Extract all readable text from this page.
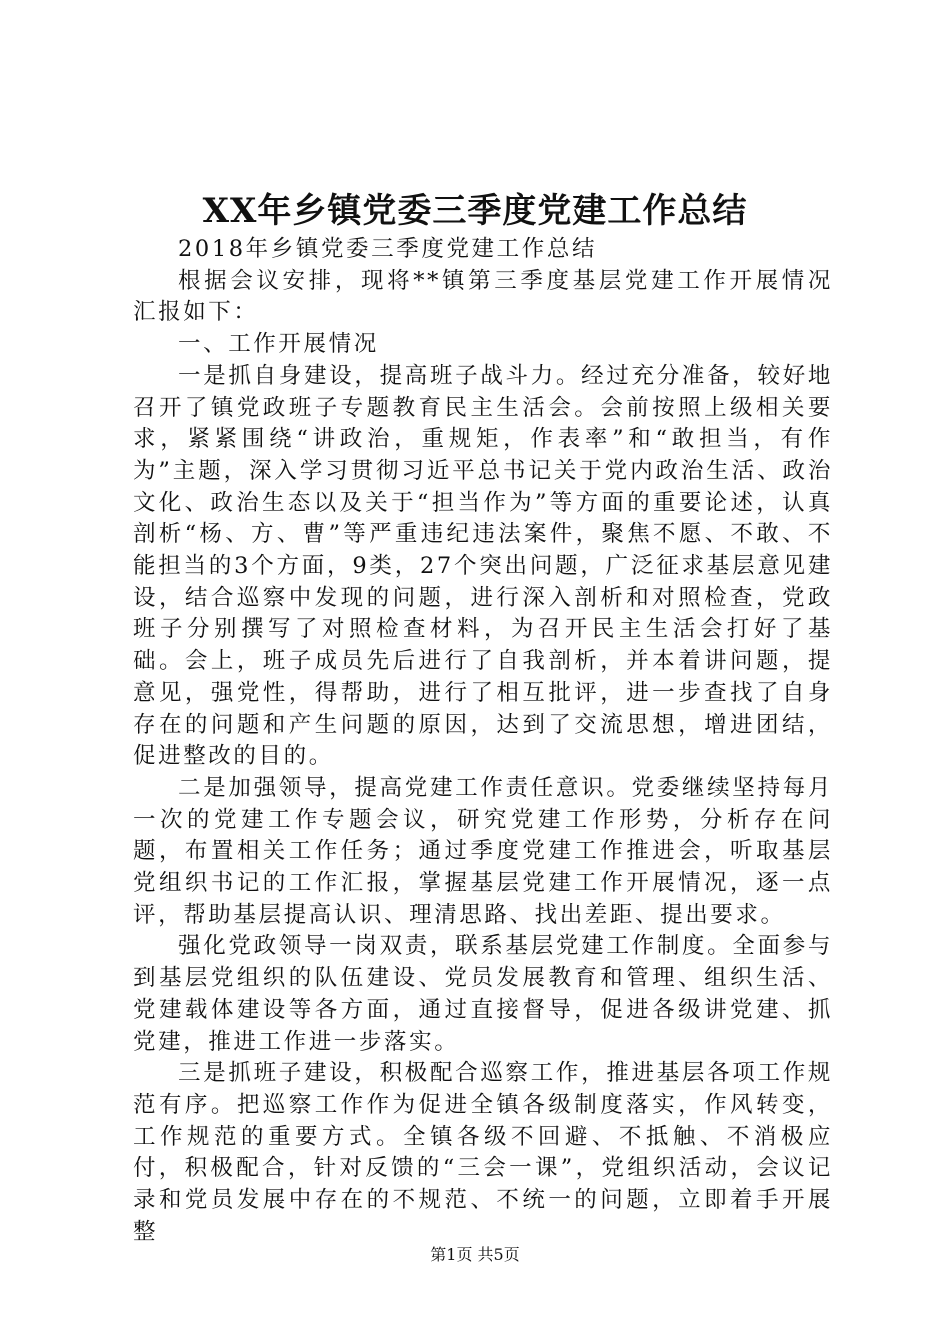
XX年乡镇党委三季度党建工作总结

2018年乡镇党委三季度党建工作总结

根据会议安排，现将**镇第三季度基层党建工作开展情况汇报如下：

一、工作开展情况

一是抓自身建设，提高班子战斗力。经过充分准备，较好地召开了镇党政班子专题教育民主生活会。会前按照上级相关要求，紧紧围绕“讲政治，重规矩，作表率”和“敢担当，有作为”主题，深入学习贯彻习近平总书记关于党内政治生活、政治文化、政治生态以及关于“担当作为”等方面的重要论述，认真剖析“杨、方、曹”等严重违纪违法案件，聚焦不愿、不敢、不能担当的3个方面，9类，27个突出问题，广泛征求基层意见建设，结合巡察中发现的问题，进行深入剖析和对照检查，党政班子分别撰写了对照检查材料，为召开民主生活会打好了基础。会上，班子成员先后进行了自我剖析，并本着讲问题，提意见，强党性，得帮助，进行了相互批评，进一步查找了自身存在的问题和产生问题的原因，达到了交流思想，增进团结，促进整改的目的。

二是加强领导，提高党建工作责任意识。党委继续坚持每月一次的党建工作专题会议，研究党建工作形势，分析存在问题，布置相关工作任务；通过季度党建工作推进会，听取基层党组织书记的工作汇报，掌握基层党建工作开展情况，逐一点评，帮助基层提高认识、理清思路、找出差距、提出要求。

强化党政领导一岗双责，联系基层党建工作制度。全面参与到基层党组织的队伍建设、党员发展教育和管理、组织生活、党建载体建设等各方面，通过直接督导，促进各级讲党建、抓党建，推进工作进一步落实。

三是抓班子建设，积极配合巡察工作，推进基层各项工作规范有序。把巡察工作作为促进全镇各级制度落实，作风转变，工作规范的重要方式。全镇各级不回避、不抵触、不消极应付，积极配合，针对反馈的“三会一课”，党组织活动，会议记录和党员发展中存在的不规范、不统一的问题，立即着手开展整

第1页 共5页
